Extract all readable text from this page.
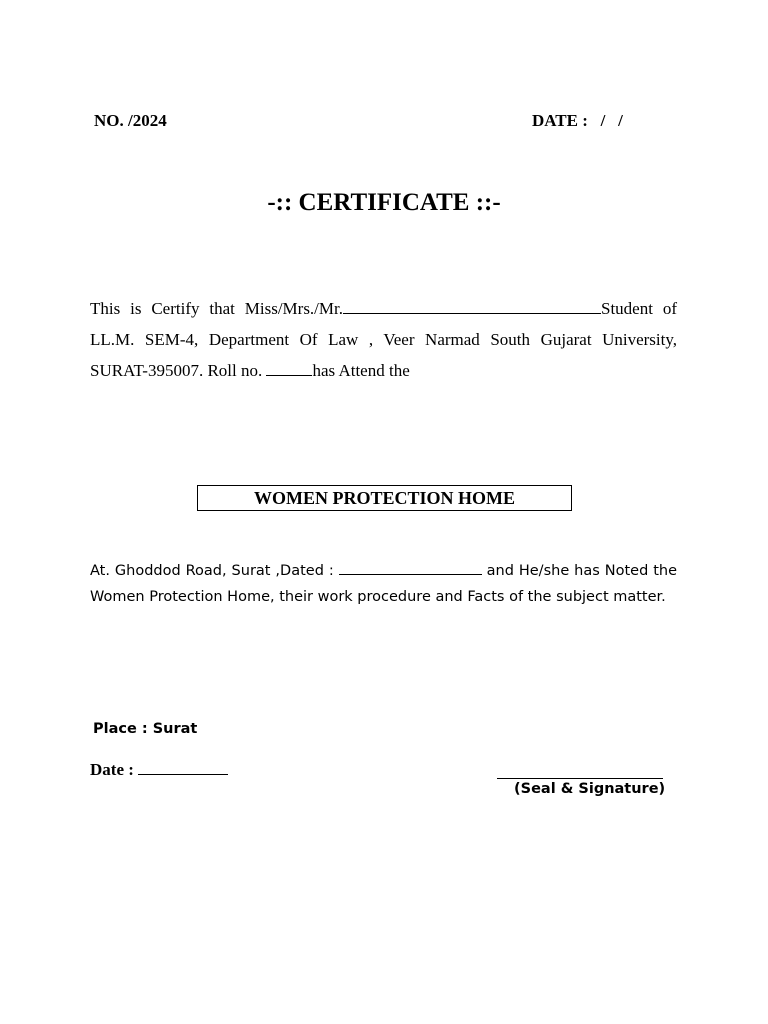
NO. /2024	DATE :   /   /
-:: CERTIFICATE ::-
This is Certify that Miss/Mrs./Mr.	Student of
LL.M. SEM-4, Department Of Law , Veer Narmad South Gujarat University,
SURAT-395007. Roll no.	has Attend the
WOMEN PROTECTION HOME
At. Ghoddod Road, Surat ,Dated :	and He/she has Noted the
Women Protection Home, their work procedure and Facts of the subject matter.
Place : Surat
Date :
(Seal & Signature)
